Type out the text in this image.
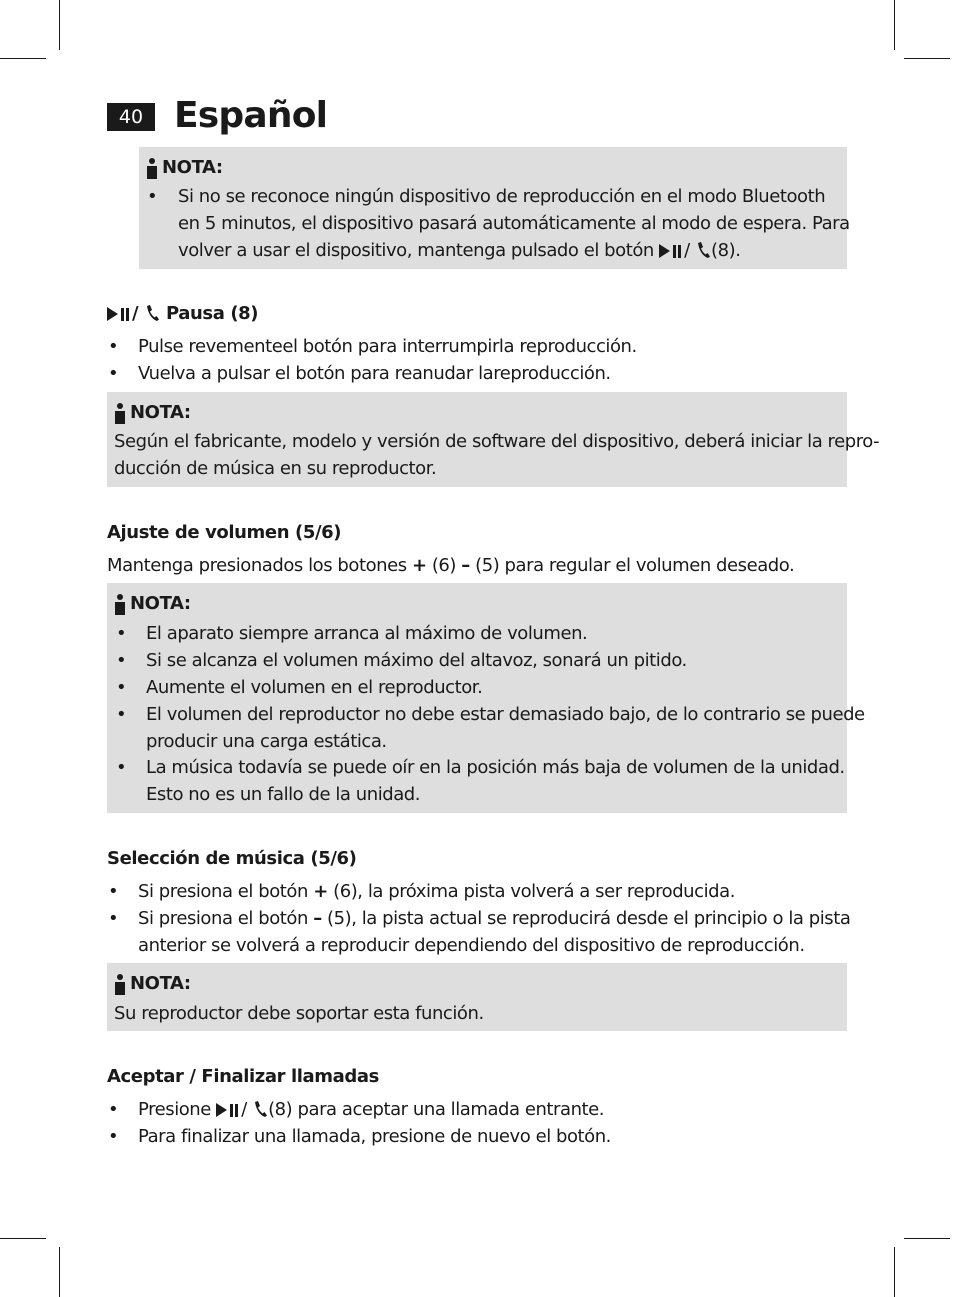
40 Español
NOTA:
• Si no se reconoce ningún dispositivo de reproducción en el modo Bluetooth
en 5 minutos, el dispositivo pasará automáticamente al modo de espera. Para
volver a usar el dispositivo, mantenga pulsado el botón / (8).
/ Pausa (8)
• Pulse revementeel botón para interrumpirla reproducción.
• Vuelva a pulsar el botón para reanudar lareproducción.
NOTA:
Según el fabricante, modelo y versión de software del dispositivo, deberá iniciar la repro-
ducción de música en su reproductor.
Ajuste de volumen (5/6)
Mantenga presionados los botones + (6) – (5) para regular el volumen deseado.
NOTA:
• El aparato siempre arranca al máximo de volumen.
• Si se alcanza el volumen máximo del altavoz, sonará un pitido.
• Aumente el volumen en el reproductor.
• El volumen del reproductor no debe estar demasiado bajo, de lo contrario se puede
producir una carga estática.
• La música todavía se puede oír en la posición más baja de volumen de la unidad.
Esto no es un fallo de la unidad.
Selección de música (5/6)
• Si presiona el botón + (6), la próxima pista volverá a ser reproducida.
• Si presiona el botón – (5), la pista actual se reproducirá desde el principio o la pista
anterior se volverá a reproducir dependiendo del dispositivo de reproducción.
NOTA:
Su reproductor debe soportar esta función.
Aceptar / Finalizar llamadas
• Presione / (8) para aceptar una llamada entrante.
• Para finalizar una llamada, presione de nuevo el botón.
